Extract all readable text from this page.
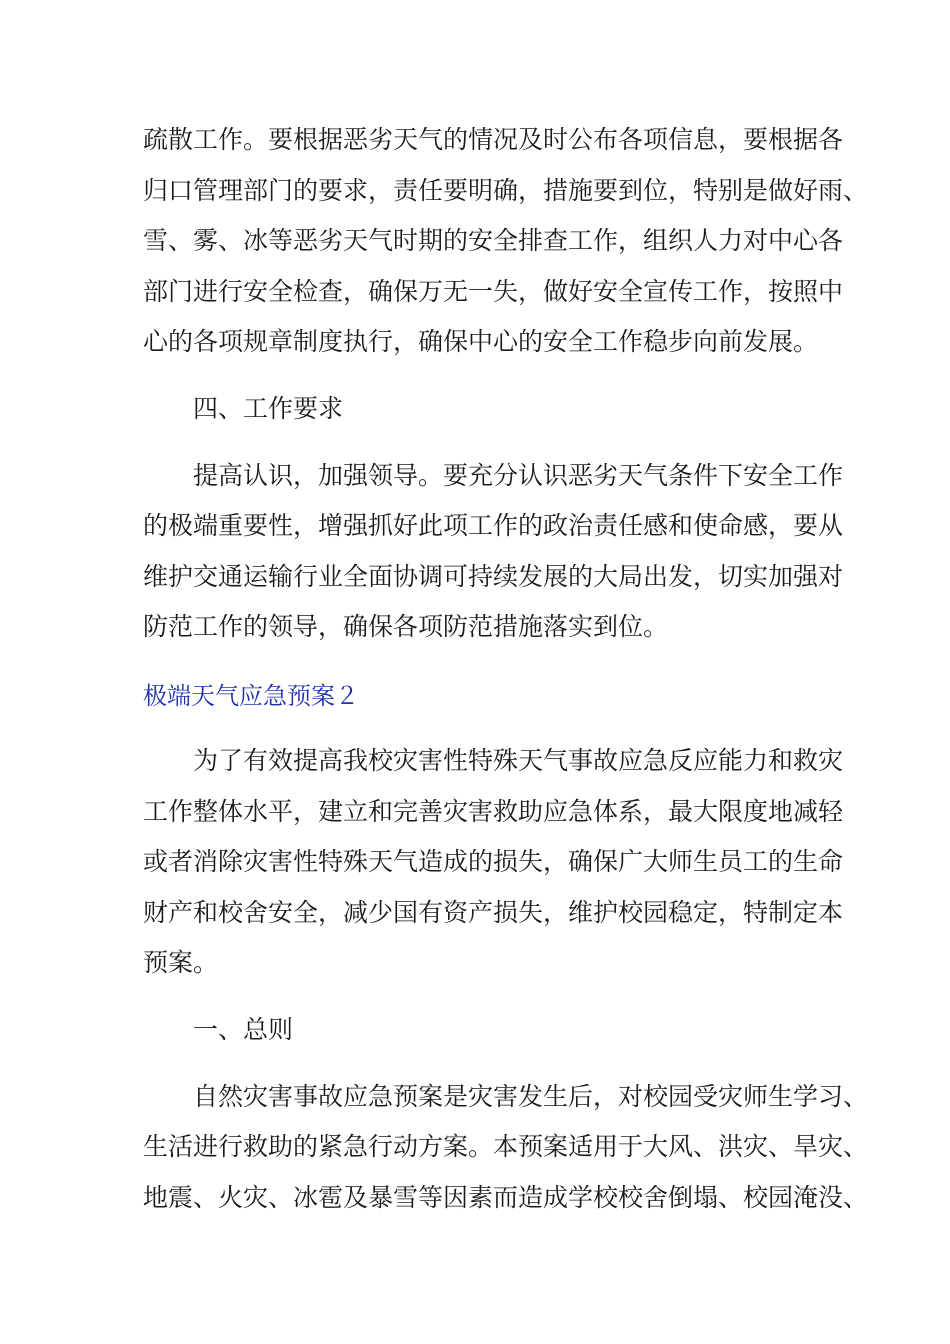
疏散工作。要根据恶劣天气的情况及时公布各项信息，要根据各
归口管理部门的要求，责任要明确，措施要到位，特别是做好雨、
雪、雾、冰等恶劣天气时期的安全排查工作，组织人力对中心各
部门进行安全检查，确保万无一失，做好安全宣传工作，按照中
心的各项规章制度执行，确保中心的安全工作稳步向前发展。
四、工作要求
提高认识，加强领导。要充分认识恶劣天气条件下安全工作
的极端重要性，增强抓好此项工作的政治责任感和使命感，要从
维护交通运输行业全面协调可持续发展的大局出发，切实加强对
防范工作的领导，确保各项防范措施落实到位。
极端天气应急预案２
为了有效提高我校灾害性特殊天气事故应急反应能力和救灾
工作整体水平，建立和完善灾害救助应急体系，最大限度地减轻
或者消除灾害性特殊天气造成的损失，确保广大师生员工的生命
财产和校舍安全，减少国有资产损失，维护校园稳定，特制定本
预案。
一、总则
自然灾害事故应急预案是灾害发生后，对校园受灾师生学习、
生活进行救助的紧急行动方案。本预案适用于大风、洪灾、旱灾、
地震、火灾、冰雹及暴雪等因素而造成学校校舍倒塌、校园淹没、
